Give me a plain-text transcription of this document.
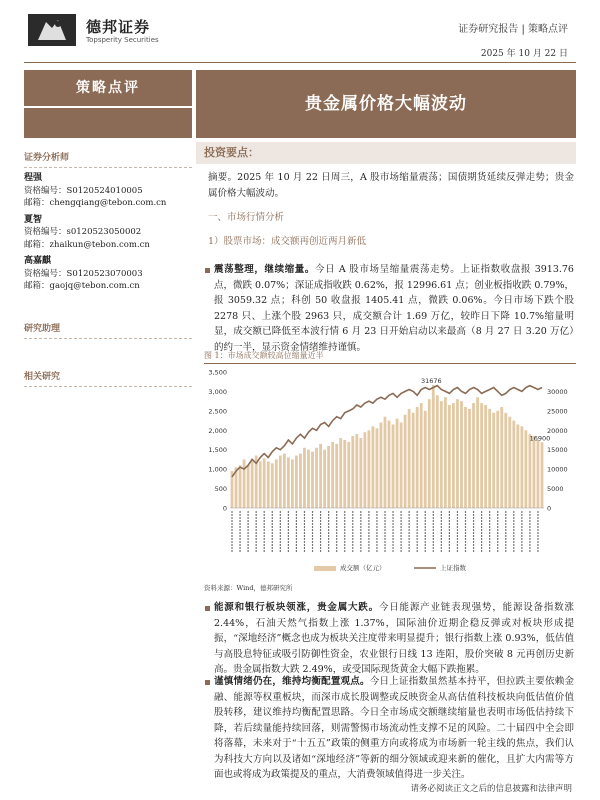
德邦证券
Topsperity Securities
证券研究报告 | 策略点评
2025 年 10 月 22 日
策略点评
证券分析师
程强
资格编号：S0120524010005
邮箱：chengqiang@tebon.com.cn
夏智
资格编号：s0120523050002
邮箱：zhaikun@tebon.com.cn
高嘉麒
资格编号：S0120523070003
邮箱：gaojq@tebon.com.cn
研究助理
相关研究
贵金属价格大幅波动
投资要点：
摘要。2025 年 10 月 22 日周三，A 股市场缩量震荡；国债期货延续反弹走势；贵金属价格大幅波动。
一、市场行情分析
1）股票市场：成交额再创近两月新低
震荡整理，继续缩量。今日 A 股市场呈缩量震荡走势。上证指数收盘报 3913.76 点，微跌 0.07%；深证成指收跌 0.62%，报 12996.61 点；创业板指收跌 0.79%，报 3059.32 点；科创 50 收盘报 1405.41 点，微跌 0.06%。今日市场下跌个股 2278 只、上涨个股 2963 只，成交额合计 1.69 万亿，较昨日下降 10.7%缩量明显，成交额已降低至本波行情 6 月 23 日开始启动以来最高（8 月 27 日 3.20 万亿）的约一半，显示资金情绪维持谨慎。
图 1：市场成交额较高位缩量近半
0
500
1,000
1,500
2,000
2,500
3,000
3,500
0
5000
10000
15000
20000
25000
30000
31676
16900
成交额（亿元）	上证指数
资料来源：Wind，德邦研究所
能源和银行板块领涨，贵金属大跌。今日能源产业链表现强势，能源设备指数涨 2.44%，石油天然气指数上涨 1.37%，国际油价近期企稳反弹或对板块形成提振，“深地经济”概念也成为板块关注度带来明显提升；银行指数上涨 0.93%，低估值与高股息特征或吸引防御性资金，农业银行日线 13 连阳，股价突破 8 元再创历史新高。贵金属指数大跌 2.49%，或受国际现货黄金大幅下跌拖累。
谨慎情绪仍在，维持均衡配置观点。今日上证指数虽然基本持平，但拉跌主要依赖金融、能源等权重板块，而深市成长股调整或反映资金从高估值科技板块向低估值价值股转移，建议维持均衡配置思路。今日全市场成交额继续缩量也表明市场低估持续下降，若后续量能持续回落，则需警惕市场流动性支撑不足的风险。二十届四中全会即将落幕，未来对于“十五五”政策的侧重方向或将成为市场新一轮主线的焦点，我们认为科技大方向以及诸如“深地经济”等新的细分领域或迎来新的催化，且扩大内需等方面也或将成为政策提及的重点，大消费领域值得进一步关注。
请务必阅读正文之后的信息披露和法律声明
